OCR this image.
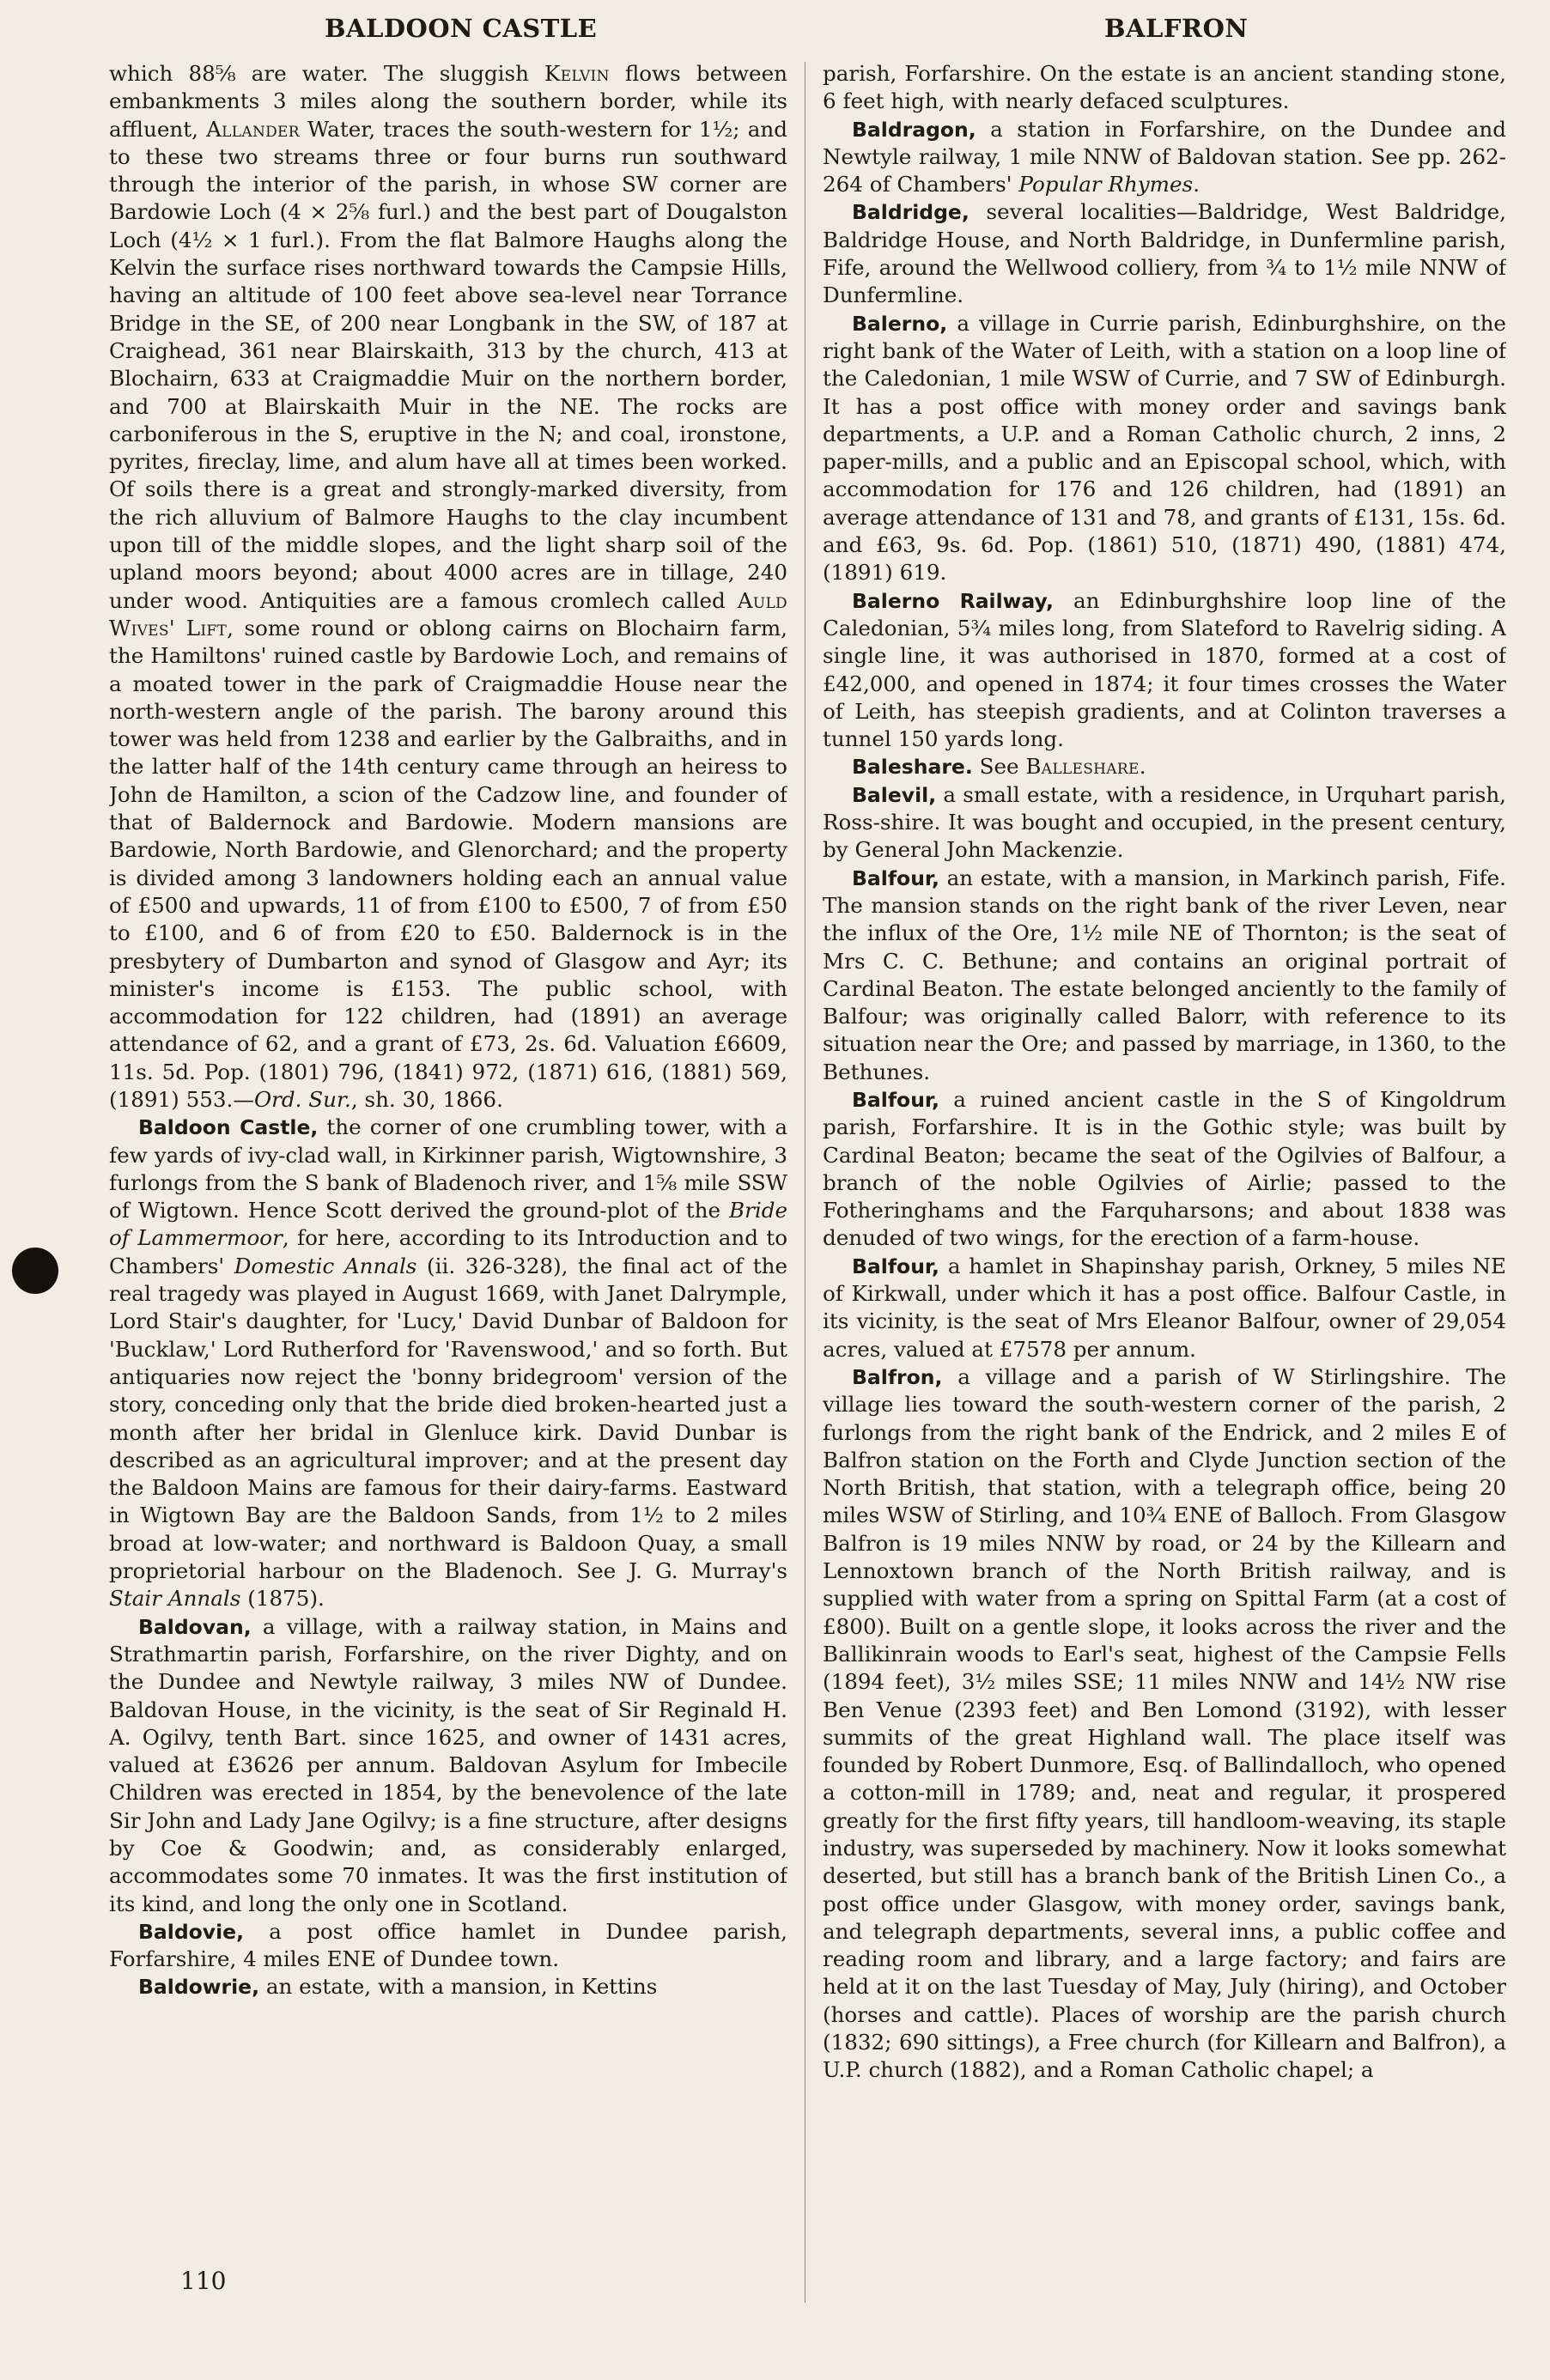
BALDOON CASTLE	BALFRON

which 88⅝ are water. The sluggish Kelvin flows between embankments 3 miles along the southern border, while its affluent, Allander Water, traces the south-western for 1½; and to these two streams three or four burns run southward through the interior of the parish, in whose SW corner are Bardowie Loch (4 × 2⅝ furl.) and the best part of Dougalston Loch (4½ × 1 furl.). From the flat Balmore Haughs along the Kelvin the surface rises northward towards the Campsie Hills, having an altitude of 100 feet above sea-level near Torrance Bridge in the SE, of 200 near Longbank in the SW, of 187 at Craighead, 361 near Blairskaith, 313 by the church, 413 at Blochairn, 633 at Craigmaddie Muir on the northern border, and 700 at Blairskaith Muir in the NE. The rocks are carboniferous in the S, eruptive in the N; and coal, ironstone, pyrites, fireclay, lime, and alum have all at times been worked. Of soils there is a great and strongly-marked diversity, from the rich alluvium of Balmore Haughs to the clay incumbent upon till of the middle slopes, and the light sharp soil of the upland moors beyond; about 4000 acres are in tillage, 240 under wood. Antiquities are a famous cromlech called Auld Wives' Lift, some round or oblong cairns on Blochairn farm, the Hamiltons' ruined castle by Bardowie Loch, and remains of a moated tower in the park of Craigmaddie House near the north-western angle of the parish. The barony around this tower was held from 1238 and earlier by the Galbraiths, and in the latter half of the 14th century came through an heiress to John de Hamilton, a scion of the Cadzow line, and founder of that of Baldernock and Bardowie. Modern mansions are Bardowie, North Bardowie, and Glenorchard; and the property is divided among 3 landowners holding each an annual value of £500 and upwards, 11 of from £100 to £500, 7 of from £50 to £100, and 6 of from £20 to £50. Baldernock is in the presbytery of Dumbarton and synod of Glasgow and Ayr; its minister's income is £153. The public school, with accommodation for 122 children, had (1891) an average attendance of 62, and a grant of £73, 2s. 6d. Valuation £6609, 11s. 5d. Pop. (1801) 796, (1841) 972, (1871) 616, (1881) 569, (1891) 553.—Ord. Sur., sh. 30, 1866.

Baldoon Castle, the corner of one crumbling tower, with a few yards of ivy-clad wall, in Kirkinner parish, Wigtownshire, 3 furlongs from the S bank of Bladenoch river, and 1⅝ mile SSW of Wigtown. Hence Scott derived the ground-plot of the Bride of Lammermoor, for here, according to its Introduction and to Chambers' Domestic Annals (ii. 326-328), the final act of the real tragedy was played in August 1669, with Janet Dalrymple, Lord Stair's daughter, for 'Lucy,' David Dunbar of Baldoon for 'Bucklaw,' Lord Rutherford for 'Ravenswood,' and so forth. But antiquaries now reject the 'bonny bridegroom' version of the story, conceding only that the bride died broken-hearted just a month after her bridal in Glenluce kirk. David Dunbar is described as an agricultural improver; and at the present day the Baldoon Mains are famous for their dairy-farms. Eastward in Wigtown Bay are the Baldoon Sands, from 1½ to 2 miles broad at low-water; and northward is Baldoon Quay, a small proprietorial harbour on the Bladenoch. See J. G. Murray's Stair Annals (1875).

Baldovan, a village, with a railway station, in Mains and Strathmartin parish, Forfarshire, on the river Dighty, and on the Dundee and Newtyle railway, 3 miles NW of Dundee. Baldovan House, in the vicinity, is the seat of Sir Reginald H. A. Ogilvy, tenth Bart. since 1625, and owner of 1431 acres, valued at £3626 per annum. Baldovan Asylum for Imbecile Children was erected in 1854, by the benevolence of the late Sir John and Lady Jane Ogilvy; is a fine structure, after designs by Coe & Goodwin; and, as considerably enlarged, accommodates some 70 inmates. It was the first institution of its kind, and long the only one in Scotland.

Baldovie, a post office hamlet in Dundee parish, Forfarshire, 4 miles ENE of Dundee town.

Baldowrie, an estate, with a mansion, in Kettins

parish, Forfarshire. On the estate is an ancient standing stone, 6 feet high, with nearly defaced sculptures.

Baldragon, a station in Forfarshire, on the Dundee and Newtyle railway, 1 mile NNW of Baldovan station. See pp. 262-264 of Chambers' Popular Rhymes.

Baldridge, several localities—Baldridge, West Baldridge, Baldridge House, and North Baldridge, in Dunfermline parish, Fife, around the Wellwood colliery, from ¾ to 1½ mile NNW of Dunfermline.

Balerno, a village in Currie parish, Edinburghshire, on the right bank of the Water of Leith, with a station on a loop line of the Caledonian, 1 mile WSW of Currie, and 7 SW of Edinburgh. It has a post office with money order and savings bank departments, a U.P. and a Roman Catholic church, 2 inns, 2 paper-mills, and a public and an Episcopal school, which, with accommodation for 176 and 126 children, had (1891) an average attendance of 131 and 78, and grants of £131, 15s. 6d. and £63, 9s. 6d. Pop. (1861) 510, (1871) 490, (1881) 474, (1891) 619.

Balerno Railway, an Edinburghshire loop line of the Caledonian, 5¾ miles long, from Slateford to Ravelrig siding. A single line, it was authorised in 1870, formed at a cost of £42,000, and opened in 1874; it four times crosses the Water of Leith, has steepish gradients, and at Colinton traverses a tunnel 150 yards long.

Baleshare. See Balleshare.

Balevil, a small estate, with a residence, in Urquhart parish, Ross-shire. It was bought and occupied, in the present century, by General John Mackenzie.

Balfour, an estate, with a mansion, in Markinch parish, Fife. The mansion stands on the right bank of the river Leven, near the influx of the Ore, 1½ mile NE of Thornton; is the seat of Mrs C. C. Bethune; and contains an original portrait of Cardinal Beaton. The estate belonged anciently to the family of Balfour; was originally called Balorr, with reference to its situation near the Ore; and passed by marriage, in 1360, to the Bethunes.

Balfour, a ruined ancient castle in the S of Kingoldrum parish, Forfarshire. It is in the Gothic style; was built by Cardinal Beaton; became the seat of the Ogilvies of Balfour, a branch of the noble Ogilvies of Airlie; passed to the Fotheringhams and the Farquharsons; and about 1838 was denuded of two wings, for the erection of a farm-house.

Balfour, a hamlet in Shapinshay parish, Orkney, 5 miles NE of Kirkwall, under which it has a post office. Balfour Castle, in its vicinity, is the seat of Mrs Eleanor Balfour, owner of 29,054 acres, valued at £7578 per annum.

Balfron, a village and a parish of W Stirlingshire. The village lies toward the south-western corner of the parish, 2 furlongs from the right bank of the Endrick, and 2 miles E of Balfron station on the Forth and Clyde Junction section of the North British, that station, with a telegraph office, being 20 miles WSW of Stirling, and 10¾ ENE of Balloch. From Glasgow Balfron is 19 miles NNW by road, or 24 by the Killearn and Lennoxtown branch of the North British railway, and is supplied with water from a spring on Spittal Farm (at a cost of £800). Built on a gentle slope, it looks across the river and the Ballikinrain woods to Earl's seat, highest of the Campsie Fells (1894 feet), 3½ miles SSE; 11 miles NNW and 14½ NW rise Ben Venue (2393 feet) and Ben Lomond (3192), with lesser summits of the great Highland wall. The place itself was founded by Robert Dunmore, Esq. of Ballindalloch, who opened a cotton-mill in 1789; and, neat and regular, it prospered greatly for the first fifty years, till handloom-weaving, its staple industry, was superseded by machinery. Now it looks somewhat deserted, but still has a branch bank of the British Linen Co., a post office under Glasgow, with money order, savings bank, and telegraph departments, several inns, a public coffee and reading room and library, and a large factory; and fairs are held at it on the last Tuesday of May, July (hiring), and October (horses and cattle). Places of worship are the parish church (1832; 690 sittings), a Free church (for Killearn and Balfron), a U.P. church (1882), and a Roman Catholic chapel; a

110
